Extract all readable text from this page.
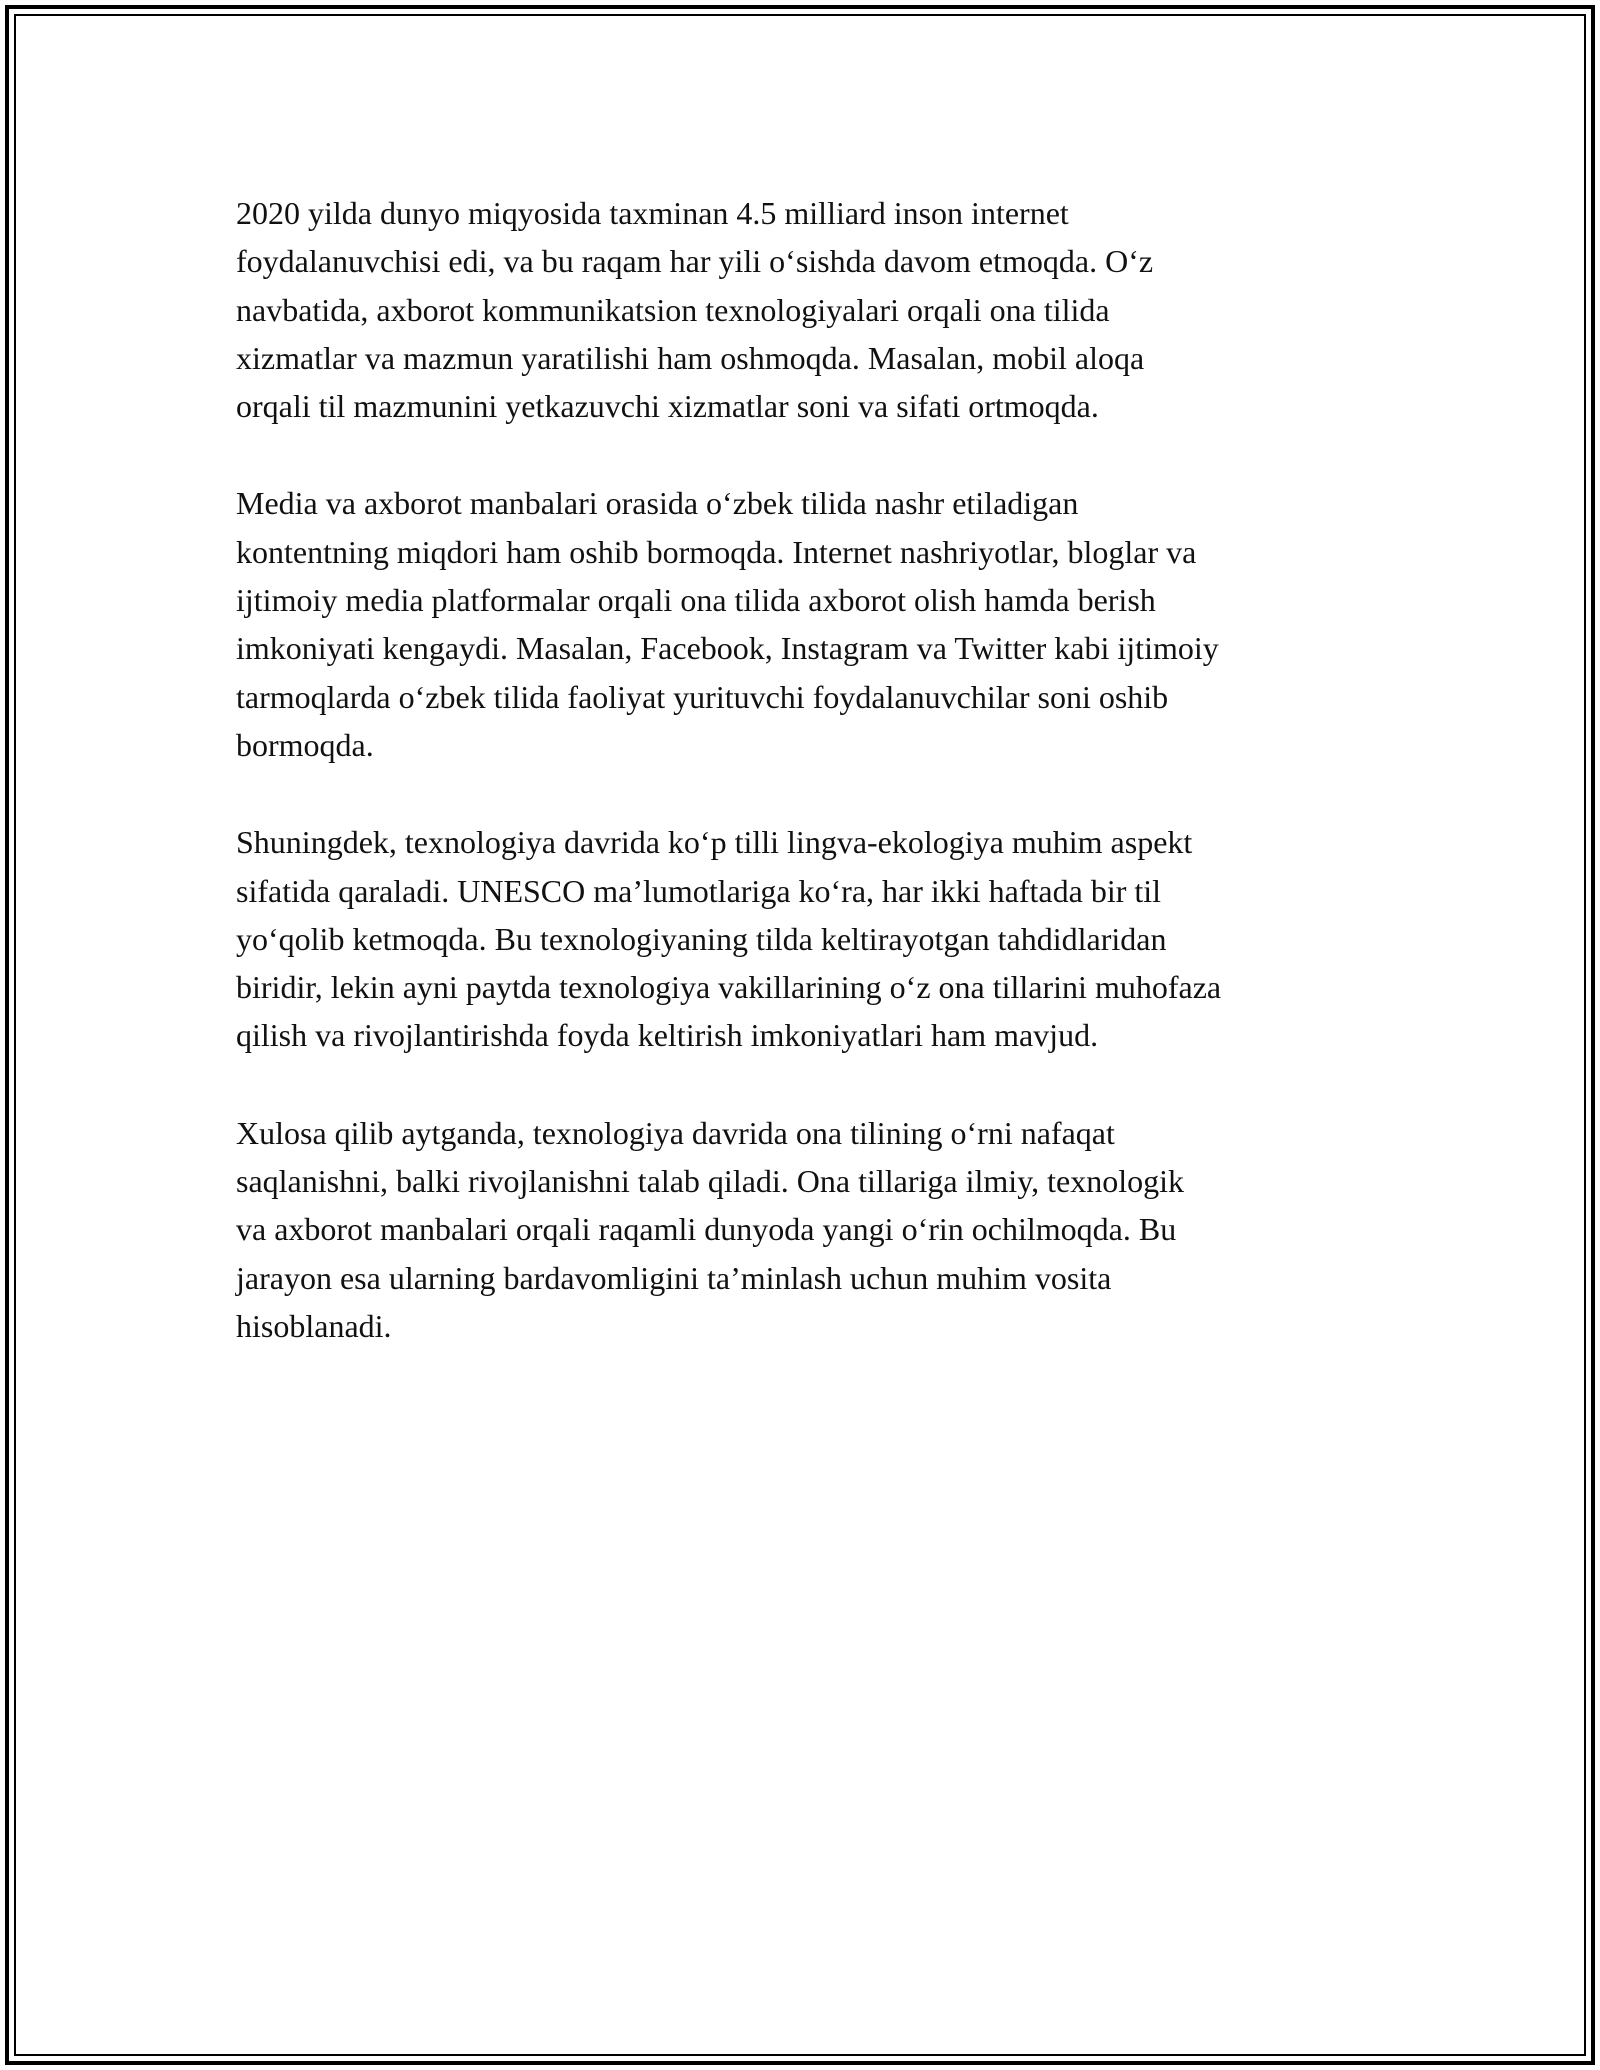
2020 yilda dunyo miqyosida taxminan 4.5 milliard inson internet
foydalanuvchisi edi, va bu raqam har yili o‘sishda davom etmoqda. O‘z
navbatida, axborot kommunikatsion texnologiyalari orqali ona tilida
xizmatlar va mazmun yaratilishi ham oshmoqda. Masalan, mobil aloqa
orqali til mazmunini yetkazuvchi xizmatlar soni va sifati ortmoqda.

Media va axborot manbalari orasida o‘zbek tilida nashr etiladigan
kontentning miqdori ham oshib bormoqda. Internet nashriyotlar, bloglar va
ijtimoiy media platformalar orqali ona tilida axborot olish hamda berish
imkoniyati kengaydi. Masalan, Facebook, Instagram va Twitter kabi ijtimoiy
tarmoqlarda o‘zbek tilida faoliyat yurituvchi foydalanuvchilar soni oshib
bormoqda.

Shuningdek, texnologiya davrida ko‘p tilli lingva-ekologiya muhim aspekt
sifatida qaraladi. UNESCO ma’lumotlariga ko‘ra, har ikki haftada bir til
yo‘qolib ketmoqda. Bu texnologiyaning tilda keltirayotgan tahdidlaridan
biridir, lekin ayni paytda texnologiya vakillarining o‘z ona tillarini muhofaza
qilish va rivojlantirishda foyda keltirish imkoniyatlari ham mavjud.

Xulosa qilib aytganda, texnologiya davrida ona tilining o‘rni nafaqat
saqlanishni, balki rivojlanishni talab qiladi. Ona tillariga ilmiy, texnologik
va axborot manbalari orqali raqamli dunyoda yangi o‘rin ochilmoqda. Bu
jarayon esa ularning bardavomligini ta’minlash uchun muhim vosita
hisoblanadi.
